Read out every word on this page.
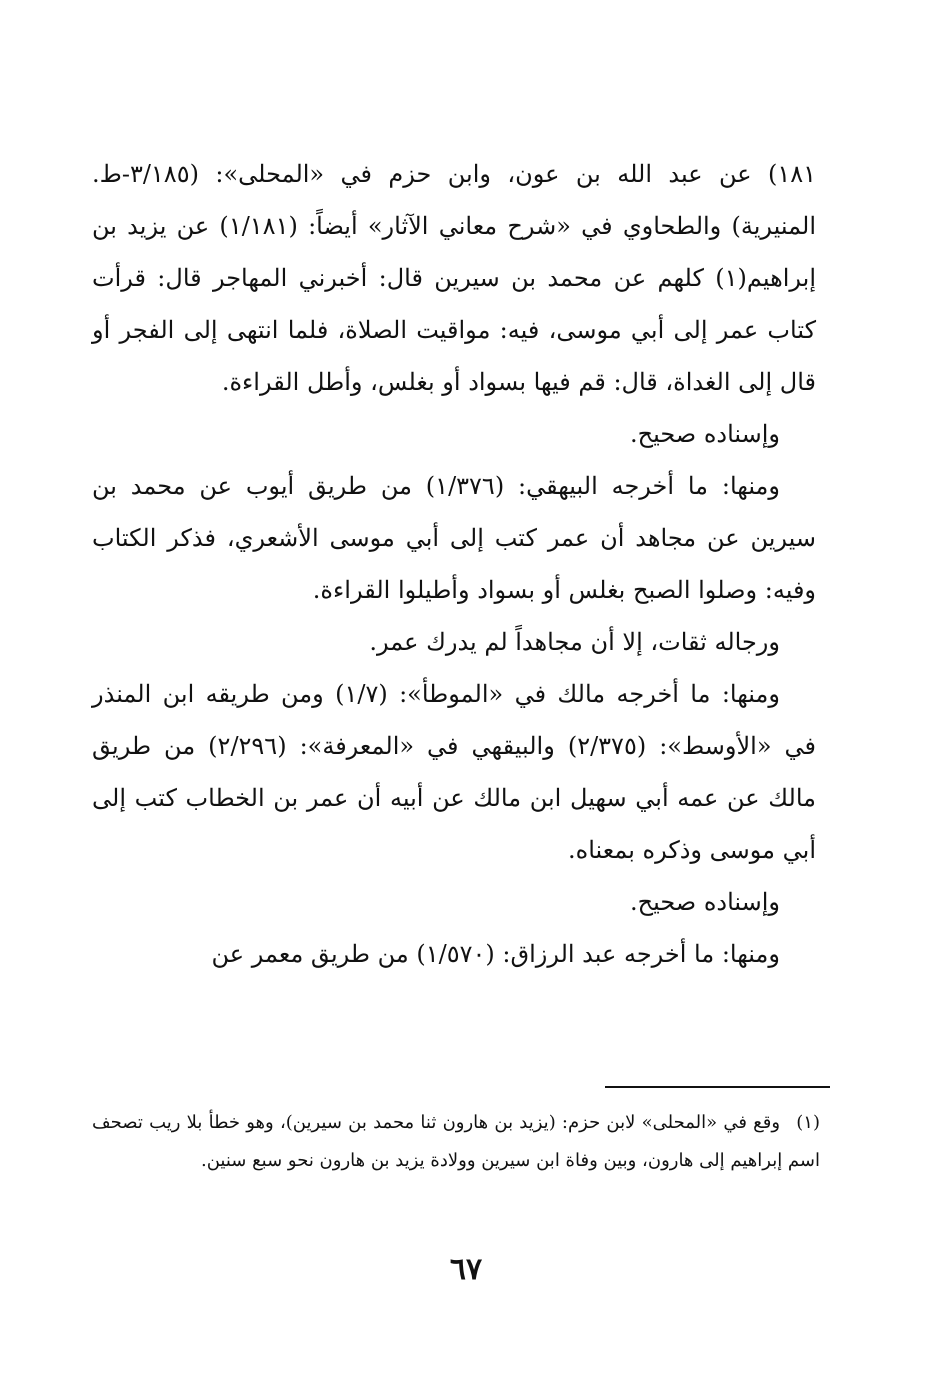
١٨١) عن عبد الله بن عون، وابن حزم في «المحلى»: (٣/١٨٥-ط. المنيرية) والطحاوي في «شرح معاني الآثار» أيضاً: (١/١٨١) عن يزيد بن إبراهيم(١) كلهم عن محمد بن سيرين قال: أخبرني المهاجر قال: قرأت كتاب عمر إلى أبي موسى، فيه: مواقيت الصلاة، فلما انتهى إلى الفجر أو قال إلى الغداة، قال: قم فيها بسواد أو بغلس، وأطل القراءة.

وإسناده صحيح.

ومنها: ما أخرجه البيهقي: (١/٣٧٦) من طريق أيوب عن محمد بن سيرين عن مجاهد أن عمر كتب إلى أبي موسى الأشعري، فذكر الكتاب وفيه: وصلوا الصبح بغلس أو بسواد وأطيلوا القراءة.

ورجاله ثقات، إلا أن مجاهداً لم يدرك عمر.

ومنها: ما أخرجه مالك في «الموطأ»: (١/٧) ومن طريقه ابن المنذر في «الأوسط»: (٢/٣٧٥) والبيقهي في «المعرفة»: (٢/٢٩٦) من طريق مالك عن عمه أبي سهيل ابن مالك عن أبيه أن عمر بن الخطاب كتب إلى أبي موسى وذكره بمعناه.

وإسناده صحيح.

ومنها: ما أخرجه عبد الرزاق: (١/٥٧٠) من طريق معمر عن

(١) وقع في «المحلى» لابن حزم: (يزيد بن هارون ثنا محمد بن سيرين)، وهو خطأ بلا ريب تصحف اسم إبراهيم إلى هارون، وبين وفاة ابن سيرين وولادة يزيد بن هارون نحو سبع سنين.
٦٧
